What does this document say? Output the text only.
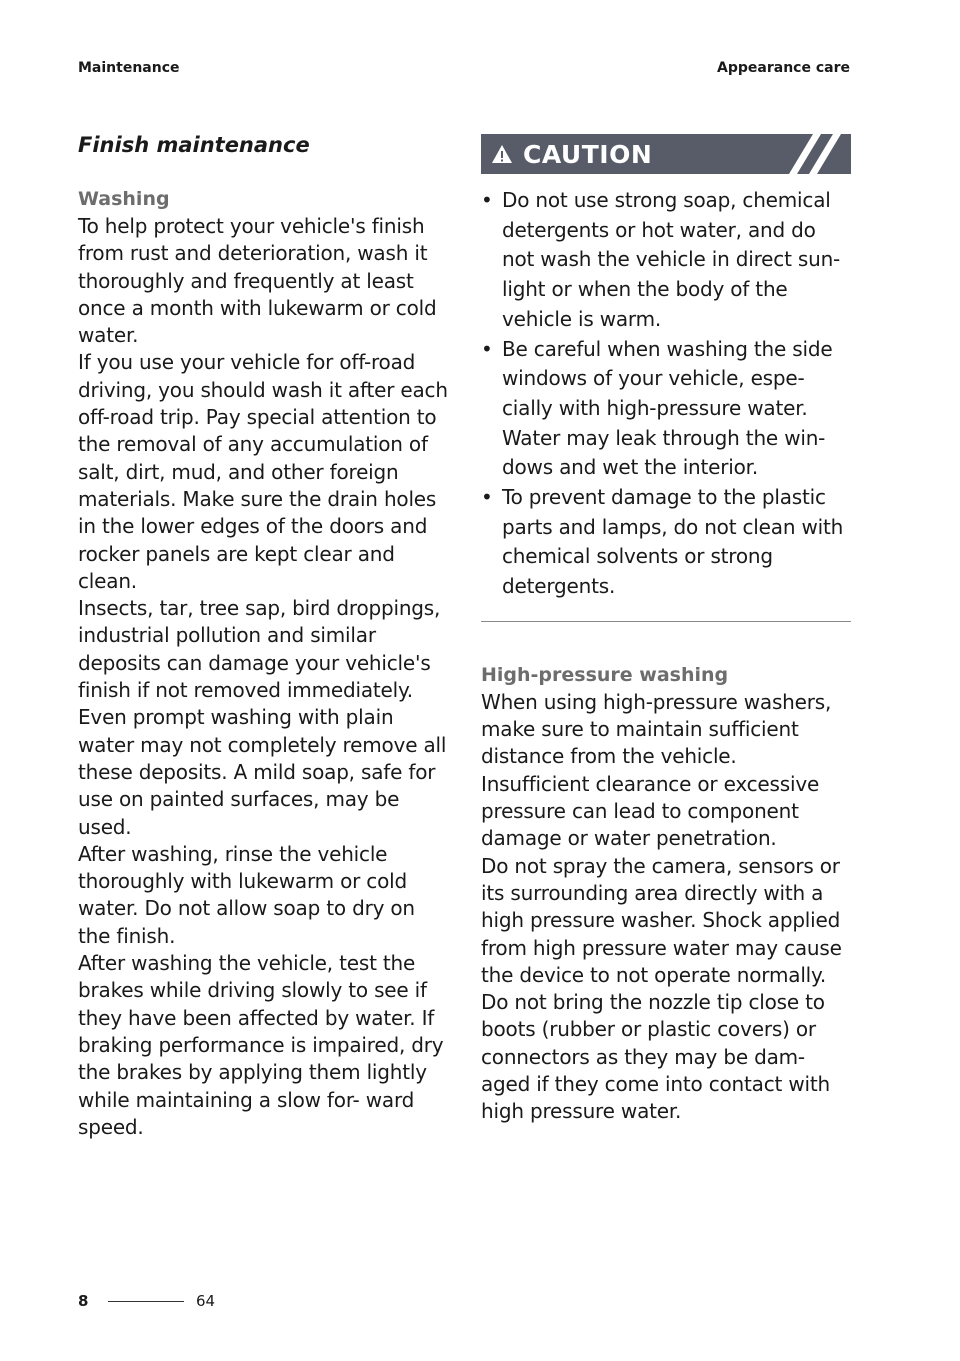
Maintenance	Appearance care
Finish maintenance
Washing

To help protect your vehicle's finish from rust and deterioration, wash it thoroughly and frequently at least once a month with lukewarm or cold water.

If you use your vehicle for off-road driving, you should wash it after each off-road trip. Pay special attention to the removal of any accumulation of salt, dirt, mud, and other foreign materials. Make sure the drain holes in the lower edges of the doors and rocker panels are kept clear and clean.

Insects, tar, tree sap, bird droppings, industrial pollution and similar deposits can damage your vehicle's finish if not removed immediately. Even prompt washing with plain water may not completely remove all these deposits. A mild soap, safe for use on painted surfaces, may be used.

After washing, rinse the vehicle thoroughly with lukewarm or cold water. Do not allow soap to dry on the finish.

After washing the vehicle, test the brakes while driving slowly to see if they have been affected by water. If braking performance is impaired, dry the brakes by applying them lightly while maintaining a slow for- ward speed.

CAUTION
• Do not use strong soap, chemical detergents or hot water, and do not wash the vehicle in direct sun- light or when the body of the vehicle is warm.
• Be careful when washing the side windows of your vehicle, espe- cially with high-pressure water. Water may leak through the win- dows and wet the interior.
• To prevent damage to the plastic parts and lamps, do not clean with chemical solvents or strong detergents.
High-pressure washing

When using high-pressure washers, make sure to maintain sufficient distance from the vehicle.

Insufficient clearance or excessive pressure can lead to component damage or water penetration.

Do not spray the camera, sensors or its surrounding area directly with a high pressure washer. Shock applied from high pressure water may cause the device to not operate normally.

Do not bring the nozzle tip close to boots (rubber or plastic covers) or connectors as they may be dam- aged if they come into contact with high pressure water.

8	64
